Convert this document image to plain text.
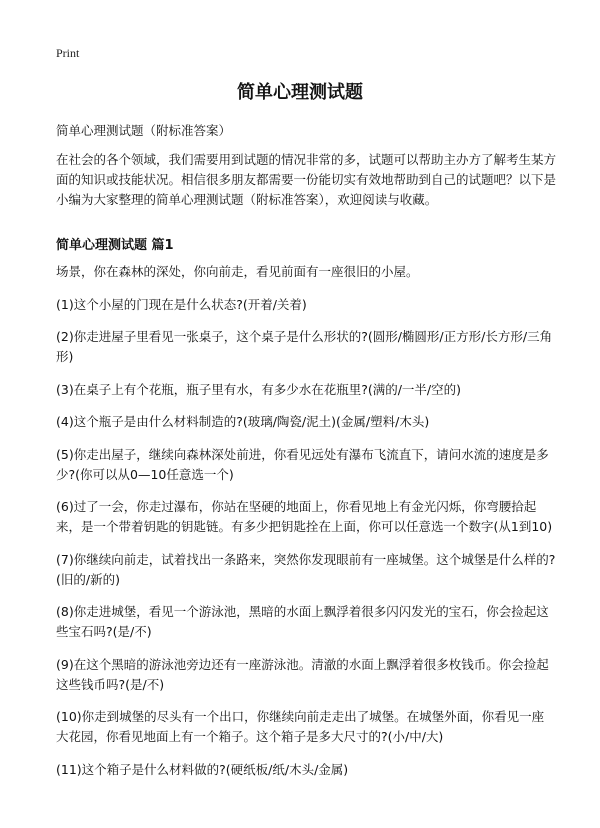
Print
简单心理测试题
简单心理测试题（附标准答案）
在社会的各个领域，我们需要用到试题的情况非常的多，试题可以帮助主办方了解考生某方面的知识或技能状况。相信很多朋友都需要一份能切实有效地帮助到自己的试题吧？以下是小编为大家整理的简单心理测试题（附标准答案），欢迎阅读与收藏。
简单心理测试题 篇1

场景，你在森林的深处，你向前走，看见前面有一座很旧的小屋。

(1)这个小屋的门现在是什么状态?(开着/关着)

(2)你走进屋子里看见一张桌子，这个桌子是什么形状的?(圆形/椭圆形/正方形/长方形/三角形)

(3)在桌子上有个花瓶，瓶子里有水，有多少水在花瓶里?(满的/一半/空的)

(4)这个瓶子是由什么材料制造的?(玻璃/陶瓷/泥土)(金属/塑料/木头)

(5)你走出屋子，继续向森林深处前进，你看见远处有瀑布飞流直下，请问水流的速度是多少?(你可以从0—10任意选一个)

(6)过了一会，你走过瀑布，你站在坚硬的地面上，你看见地上有金光闪烁，你弯腰拾起来，是一个带着钥匙的钥匙链。有多少把钥匙拴在上面，你可以任意选一个数字(从1到10)

(7)你继续向前走，试着找出一条路来，突然你发现眼前有一座城堡。这个城堡是什么样的?(旧的/新的)

(8)你走进城堡，看见一个游泳池，黑暗的水面上飘浮着很多闪闪发光的宝石，你会捡起这些宝石吗?(是/不)

(9)在这个黑暗的游泳池旁边还有一座游泳池。清澈的水面上飘浮着很多枚钱币。你会捡起这些钱币吗?(是/不)

(10)你走到城堡的尽头有一个出口，你继续向前走走出了城堡。在城堡外面，你看见一座大花园，你看见地面上有一个箱子。这个箱子是多大尺寸的?(小/中/大)

(11)这个箱子是什么材料做的?(硬纸板/纸/木头/金属)
